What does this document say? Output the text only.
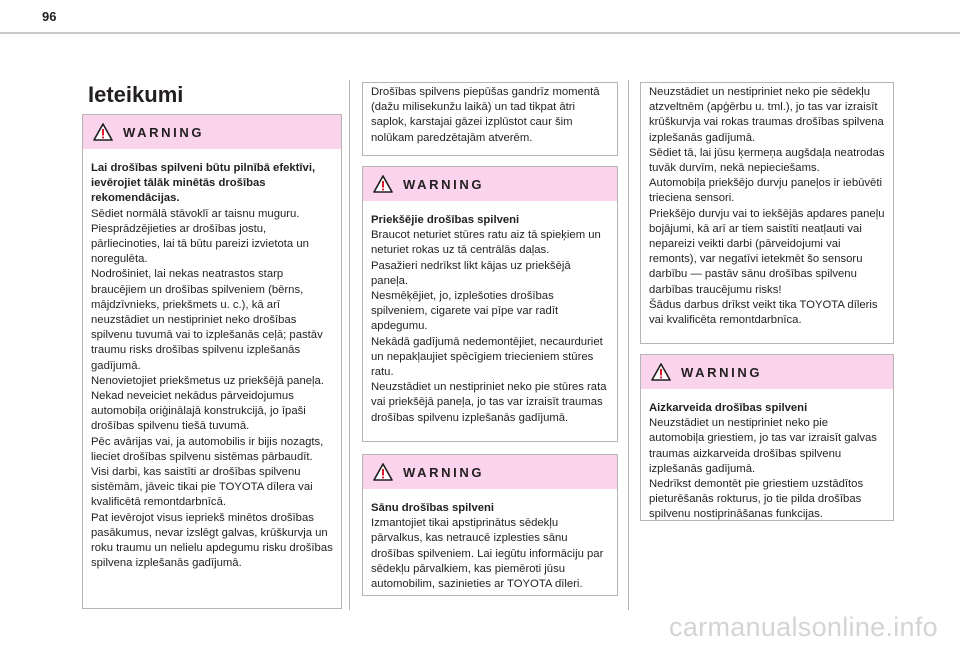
96
Ieteikumi
WARNING

Lai drošības spilveni būtu pilnībā efektīvi, ievērojiet tālāk minētās drošības rekomendācijas.

Sēdiet normālā stāvoklī ar taisnu muguru.

Piesprādzējieties ar drošības jostu, pārliecinoties, lai tā būtu pareizi izvietota un noregulēta.

Nodrošiniet, lai nekas neatrastos starp braucējiem un drošības spilveniem (bērns, mājdzīvnieks, priekšmets u. c.), kā arī neuzstādiet un nestipriniet neko drošības spilvenu tuvumā vai to izplešanās ceļā; pastāv traumu risks drošības spilvenu izplešanās gadījumā.

Nenovietojiet priekšmetus uz priekšējā paneļa.

Nekad neveiciet nekādus pārveidojumus automobiļa oriģinālajā konstrukcijā, jo īpaši drošības spilvenu tiešā tuvumā.

Pēc avārijas vai, ja automobilis ir bijis nozagts, lieciet drošības spilvenu sistēmas pārbaudīt.

Visi darbi, kas saistīti ar drošības spilvenu sistēmām, jāveic tikai pie TOYOTA dīlera vai kvalificētā remontdarbnīcā.

Pat ievērojot visus iepriekš minētos drošības pasākumus, nevar izslēgt galvas, krūškurvja un roku traumu un nelielu apdegumu risku drošības spilvena izplešanās gadījumā.

Drošības spilvens piepūšas gandrīz momentā (dažu milisekunžu laikā) un tad tikpat ātri saplok, karstajai gāzei izplūstot caur šim nolūkam paredzētajām atverēm.

WARNING

Priekšējie drošības spilveni

Braucot neturiet stūres ratu aiz tā spieķiem un neturiet rokas uz tā centrālās daļas.

Pasažieri nedrīkst likt kājas uz priekšējā paneļa.

Nesmēķējiet, jo, izplešoties drošības spilveniem, cigarete vai pīpe var radīt apdegumu.

Nekādā gadījumā nedemontējiet, necaurduriet un nepakļaujiet spēcīgiem triecieniem stūres ratu.

Neuzstādiet un nestipriniet neko pie stūres rata vai priekšējā paneļa, jo tas var izraisīt traumas drošības spilvenu izplešanās gadījumā.

WARNING

Sānu drošības spilveni

Izmantojiet tikai apstiprinātus sēdekļu pārvalkus, kas netraucē izplesties sānu drošības spilveniem. Lai iegūtu informāciju par sēdekļu pārvalkiem, kas piemēroti jūsu automobilim, sazinieties ar TOYOTA dīleri.

Neuzstādiet un nestipriniet neko pie sēdekļu atzveltnēm (apģērbu u. tml.), jo tas var izraisīt krūškurvja vai rokas traumas drošības spilvena izplešanās gadījumā.

Sēdiet tā, lai jūsu ķermeņa augšdaļa neatrodas tuvāk durvīm, nekā nepieciešams.

Automobiļa priekšējo durvju paneļos ir iebūvēti trieciena sensori.

Priekšējo durvju vai to iekšējās apdares paneļu bojājumi, kā arī ar tiem saistīti neatļauti vai nepareizi veikti darbi (pārveidojumi vai remonts), var negatīvi ietekmēt šo sensoru darbību — pastāv sānu drošības spilvenu darbības traucējumu risks!

Šādus darbus drīkst veikt tika TOYOTA dīleris vai kvalificēta remontdarbnīca.

WARNING

Aizkarveida drošības spilveni

Neuzstādiet un nestipriniet neko pie automobiļa griestiem, jo tas var izraisīt galvas traumas aizkarveida drošības spilvenu izplešanās gadījumā.

Nedrīkst demontēt pie griestiem uzstādītos pieturēšanās rokturus, jo tie pilda drošības spilvenu nostiprināšanas funkcijas.

carmanualsonline.info
